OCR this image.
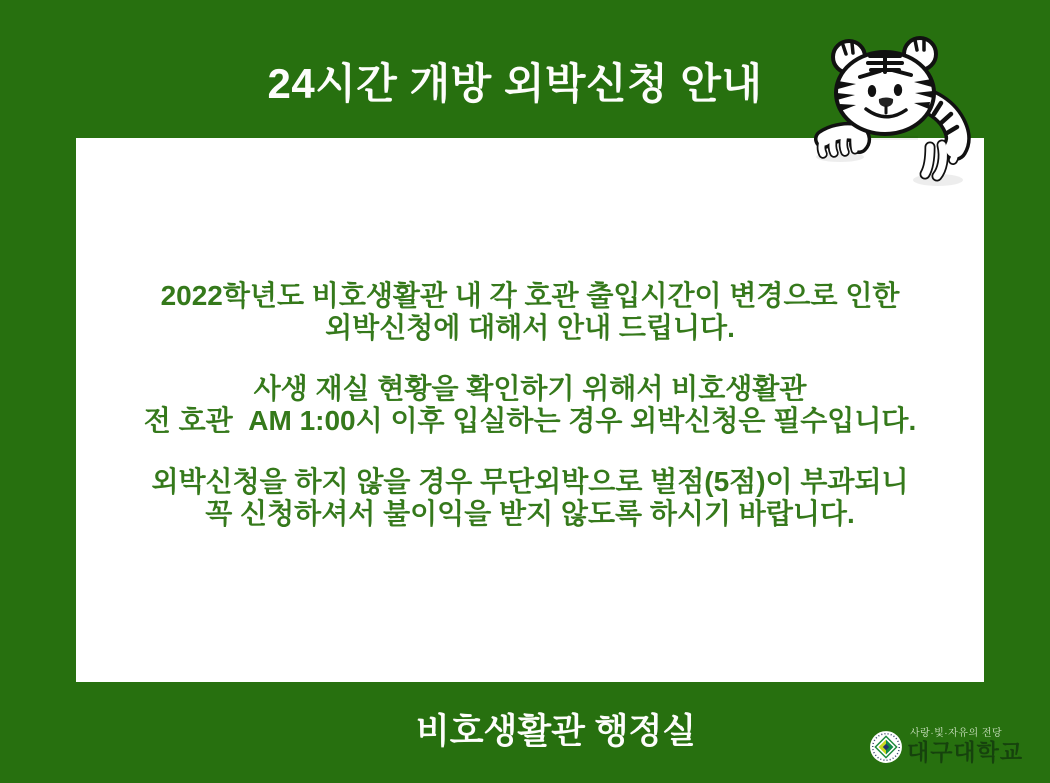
24시간 개방 외박신청 안내

2022학년도 비호생활관 내 각 호관 출입시간이 변경으로 인한
외박신청에 대해서 안내 드립니다.

사생 재실 현황을 확인하기 위해서 비호생활관
전 호관  AM 1:00시 이후 입실하는 경우 외박신청은 필수입니다.

외박신청을 하지 않을 경우 무단외박으로 벌점(5점)이 부과되니
꼭 신청하셔서 불이익을 받지 않도록 하시기 바랍니다.

비호생활관 행정실	사랑·빛·자유의 전당
대구대학교
